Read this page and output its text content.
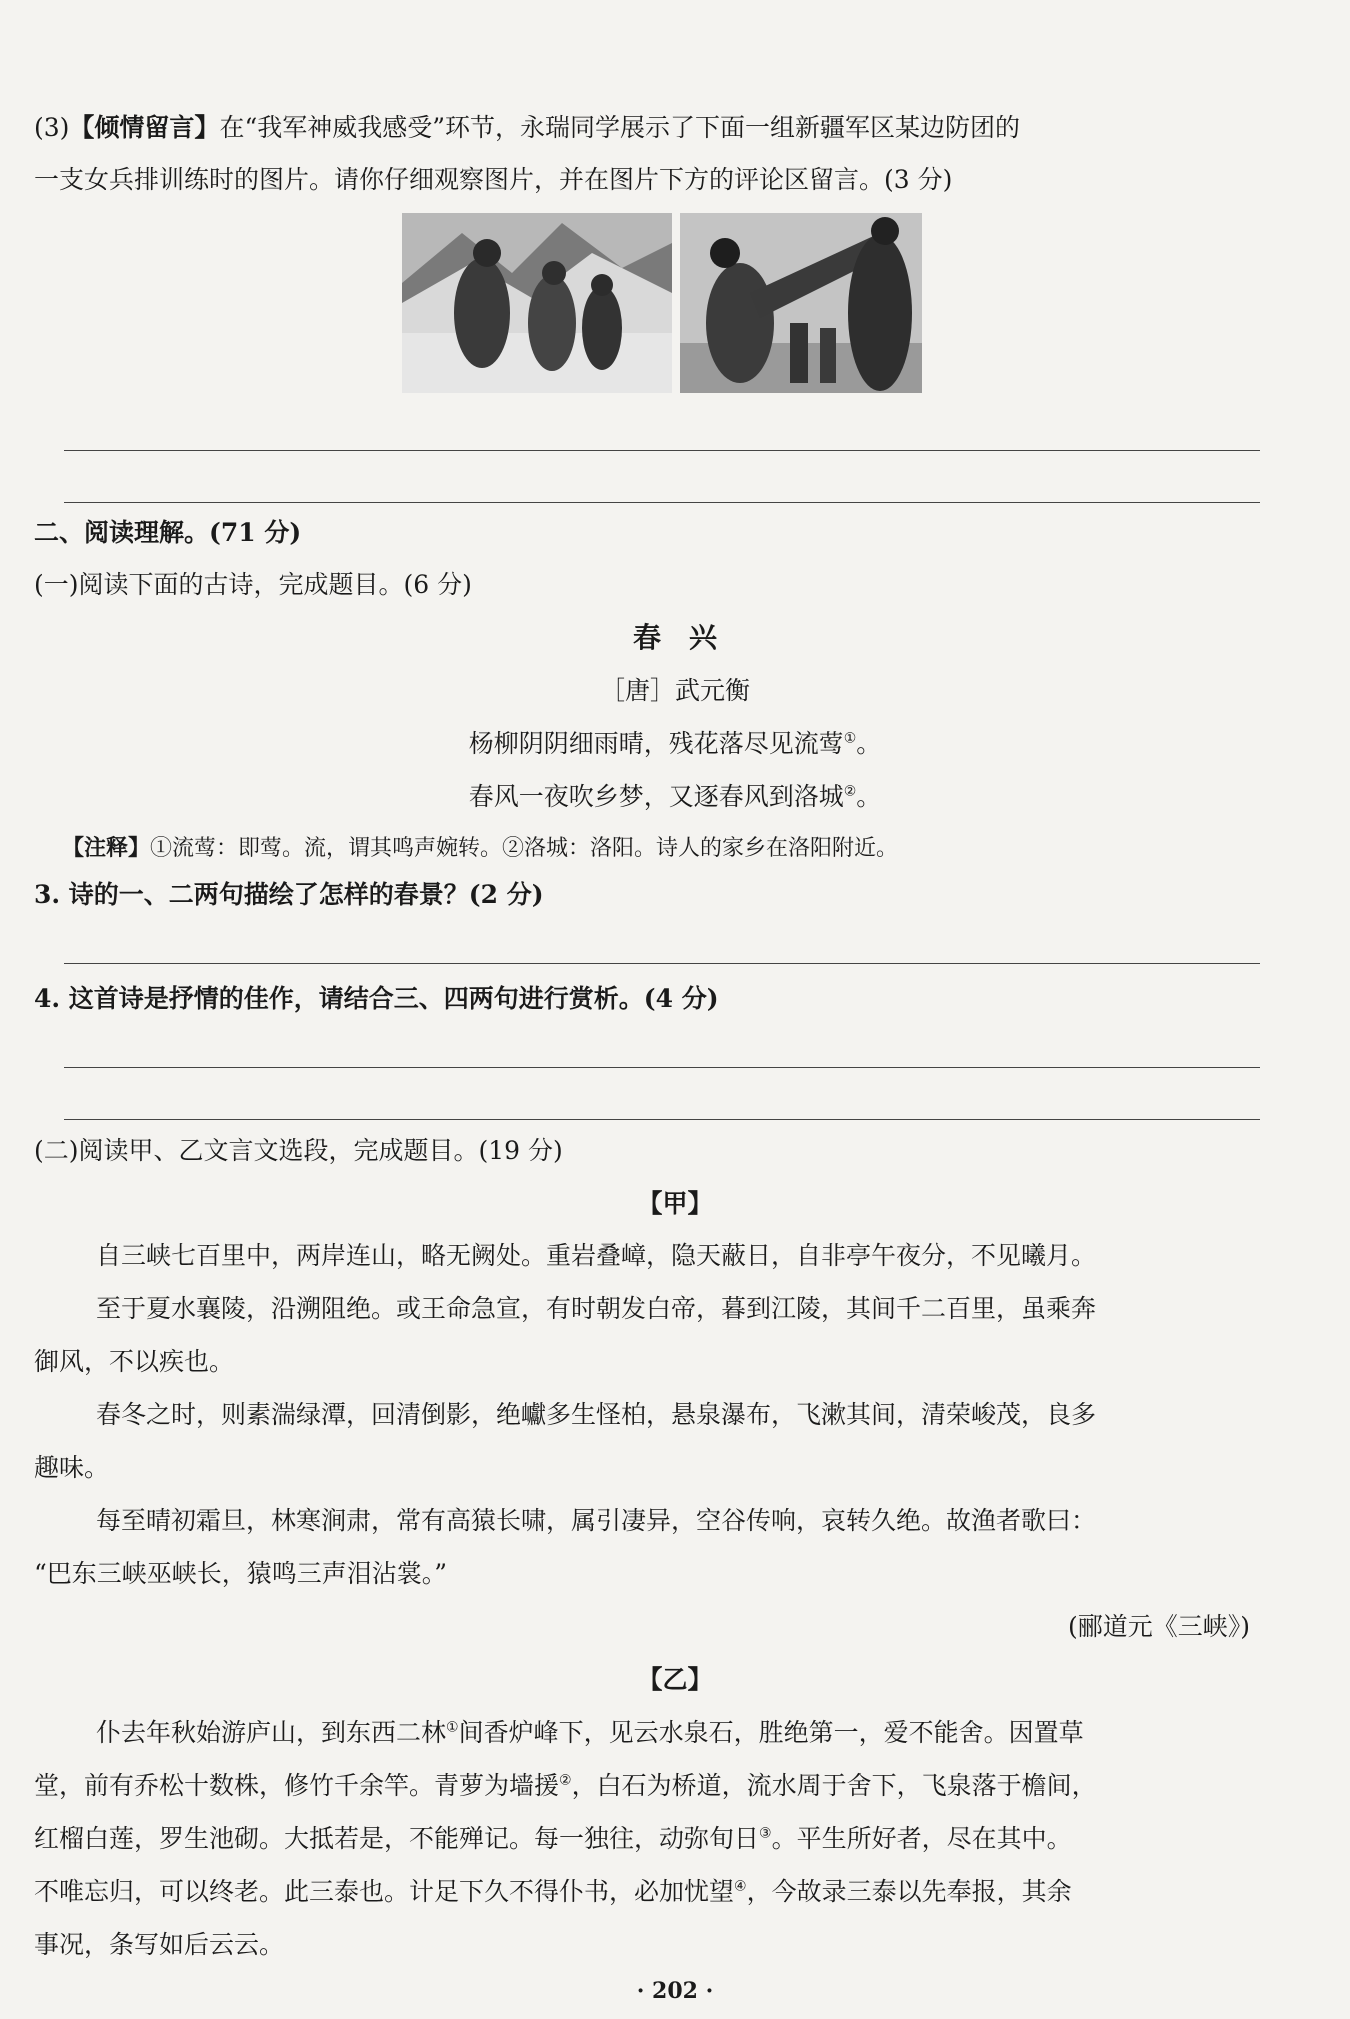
(3)【倾情留言】在“我军神威我感受”环节，永瑞同学展示了下面一组新疆军区某边防团的
一支女兵排训练时的图片。请你仔细观察图片，并在图片下方的评论区留言。(3 分)
二、阅读理解。(71 分)
(一)阅读下面的古诗，完成题目。(6 分)
春　兴
［唐］武元衡
杨柳阴阴细雨晴，残花落尽见流莺①。
春风一夜吹乡梦，又逐春风到洛城②。
【注释】①流莺：即莺。流，谓其鸣声婉转。②洛城：洛阳。诗人的家乡在洛阳附近。
3. 诗的一、二两句描绘了怎样的春景？(2 分)
4. 这首诗是抒情的佳作，请结合三、四两句进行赏析。(4 分)
(二)阅读甲、乙文言文选段，完成题目。(19 分)
【甲】
自三峡七百里中，两岸连山，略无阙处。重岩叠嶂，隐天蔽日，自非亭午夜分，不见曦月。
至于夏水襄陵，沿溯阻绝。或王命急宣，有时朝发白帝，暮到江陵，其间千二百里，虽乘奔
御风，不以疾也。
春冬之时，则素湍绿潭，回清倒影，绝巘多生怪柏，悬泉瀑布，飞漱其间，清荣峻茂，良多
趣味。
每至晴初霜旦，林寒涧肃，常有高猿长啸，属引凄异，空谷传响，哀转久绝。故渔者歌曰：
“巴东三峡巫峡长，猿鸣三声泪沾裳。”
(郦道元《三峡》)
【乙】
仆去年秋始游庐山，到东西二林①间香炉峰下，见云水泉石，胜绝第一，爱不能舍。因置草
堂，前有乔松十数株，修竹千余竿。青萝为墙援②，白石为桥道，流水周于舍下，飞泉落于檐间，
红榴白莲，罗生池砌。大抵若是，不能殚记。每一独往，动弥旬日③。平生所好者，尽在其中。
不唯忘归，可以终老。此三泰也。计足下久不得仆书，必加忧望④，今故录三泰以先奉报，其余
事况，条写如后云云。
· 202 ·
